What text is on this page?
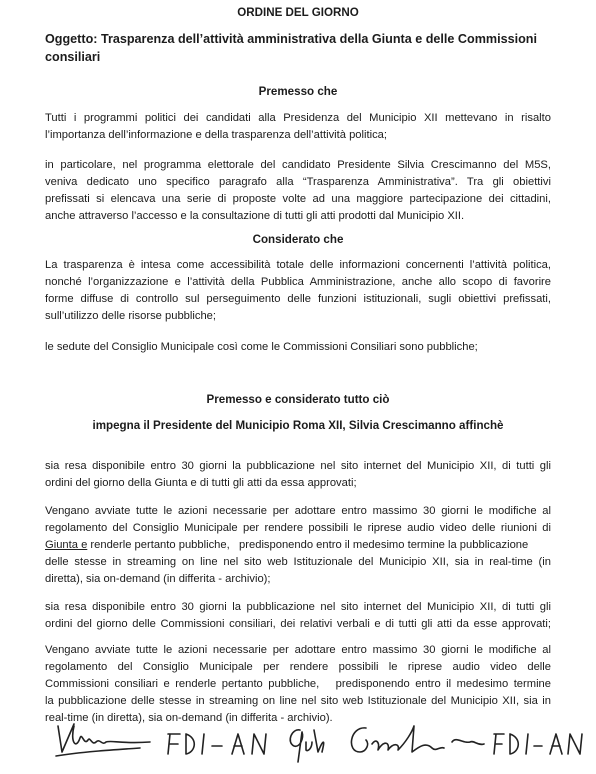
ORDINE DEL GIORNO
Oggetto: Trasparenza dell’attività amministrativa della Giunta e delle Commissioni
consiliari
Premesso che
Tutti i programmi politici dei candidati alla Presidenza del Municipio XII mettevano in risalto
l’importanza dell’informazione e della trasparenza dell’attività politica;
in particolare, nel programma elettorale del candidato Presidente Silvia Crescimanno del M5S,
veniva dedicato uno specifico paragrafo alla “Trasparenza Amministrativa”. Tra gli obiettivi
prefissati si elencava una serie di proposte volte ad una maggiore partecipazione dei cittadini,
anche attraverso l’accesso e la consultazione di tutti gli atti prodotti dal Municipio XII.
Considerato che
La trasparenza è intesa come accessibilità totale delle informazioni concernenti l’attività politica,
nonché l’organizzazione e l’attività della Pubblica Amministrazione, anche allo scopo di favorire
forme diffuse di controllo sul perseguimento delle funzioni istituzionali, sugli obiettivi prefissati,
sull’utilizzo delle risorse pubbliche;
le sedute del Consiglio Municipale così come le Commissioni Consiliari sono pubbliche;
Premesso e considerato tutto ciò
impegna il Presidente del Municipio Roma XII, Silvia Crescimanno affinchè
sia resa disponibile entro 30 giorni la pubblicazione nel sito internet del Municipio XII, di tutti gli
ordini del giorno della Giunta e di tutti gli atti da essa approvati;
Vengano avviate tutte le azioni necessarie per adottare entro massimo 30 giorni le modifiche al
regolamento del Consiglio Municipale per rendere possibili le riprese audio video delle riunioni di
Giunta e renderle pertanto pubbliche,   predisponendo entro il medesimo termine la pubblicazione
delle stesse in streaming on line nel sito web Istituzionale del Municipio XII, sia in real-time (in
diretta), sia on-demand (in differita - archivio);
sia resa disponibile entro 30 giorni la pubblicazione nel sito internet del Municipio XII, di tutti gli
ordini del giorno delle Commissioni consiliari, dei relativi verbali e di tutti gli atti da esse approvati;
Vengano avviate tutte le azioni necessarie per adottare entro massimo 30 giorni le modifiche al
regolamento del Consiglio Municipale per rendere possibili le riprese audio video delle
Commissioni consiliari e renderle pertanto pubbliche,   predisponendo entro il medesimo termine
la pubblicazione delle stesse in streaming on line nel sito web Istituzionale del Municipio XII, sia in
real-time (in diretta), sia on-demand (in differita - archivio).
